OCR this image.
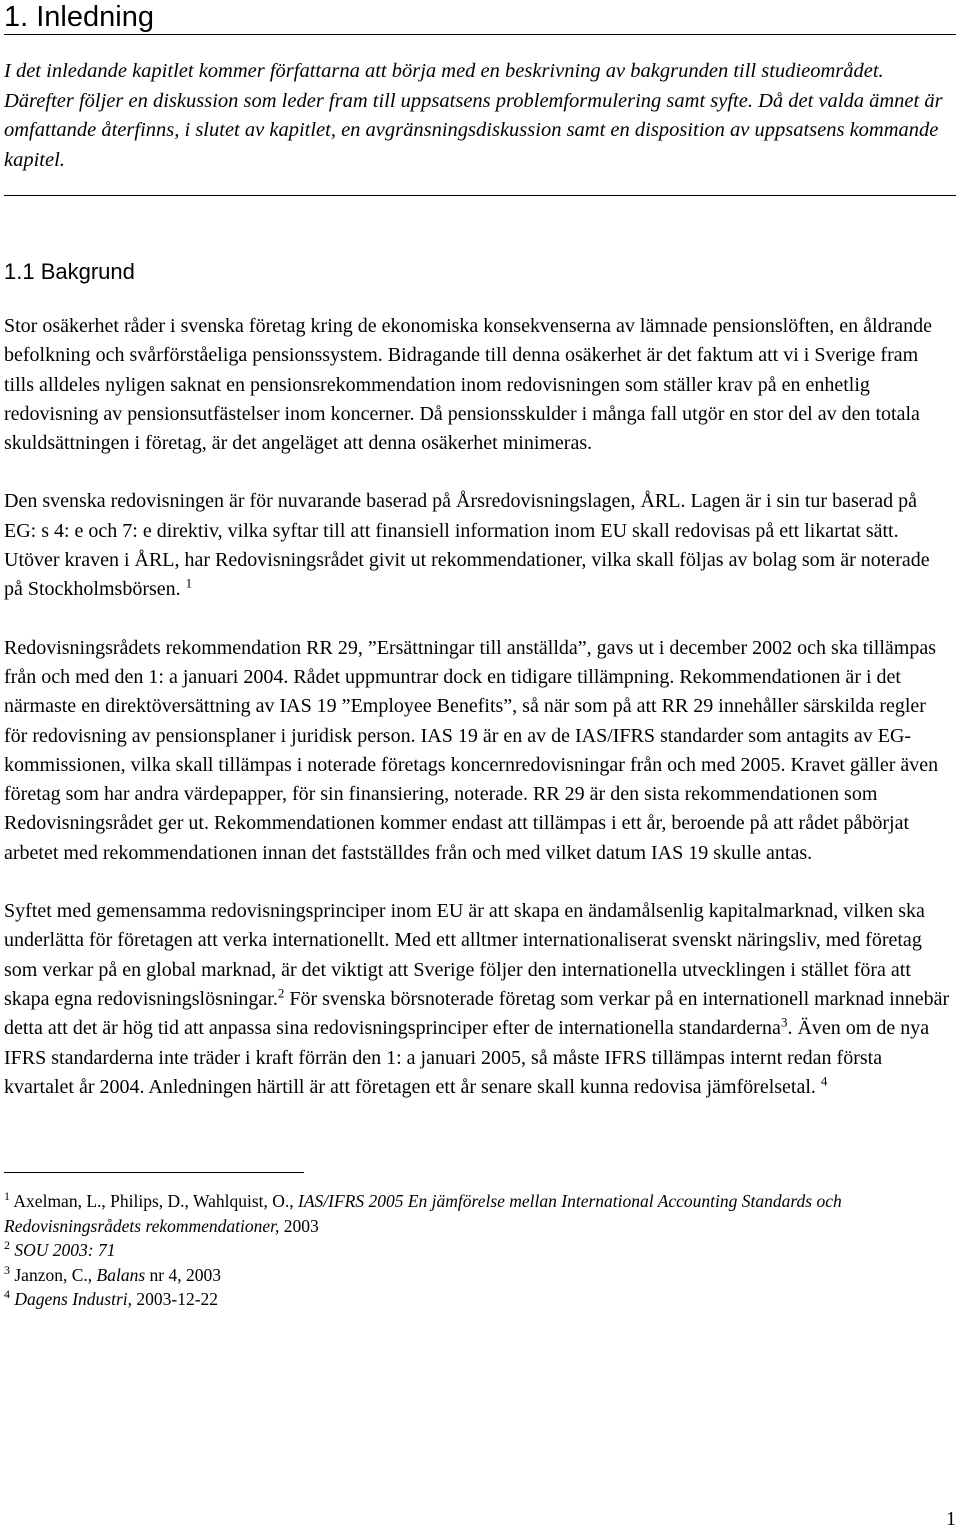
1. Inledning

I det inledande kapitlet kommer författarna att börja med en beskrivning av bakgrunden till studieområdet. Därefter följer en diskussion som leder fram till uppsatsens problemformulering samt syfte. Då det valda ämnet är omfattande återfinns, i slutet av kapitlet, en avgränsningsdiskussion samt en disposition av uppsatsens kommande kapitel.

1.1 Bakgrund

Stor osäkerhet råder i svenska företag kring de ekonomiska konsekvenserna av lämnade pensionslöften, en åldrande befolkning och svårförståeliga pensionssystem. Bidragande till denna osäkerhet är det faktum att vi i Sverige fram tills alldeles nyligen saknat en pensionsrekommendation inom redovisningen som ställer krav på en enhetlig redovisning av pensionsutfästelser inom koncerner. Då pensionsskulder i många fall utgör en stor del av den totala skuldsättningen i företag, är det angeläget att denna osäkerhet minimeras.

Den svenska redovisningen är för nuvarande baserad på Årsredovisningslagen, ÅRL. Lagen är i sin tur baserad på EG: s 4: e och 7: e direktiv, vilka syftar till att finansiell information inom EU skall redovisas på ett likartat sätt. Utöver kraven i ÅRL, har Redovisningsrådet givit ut rekommendationer, vilka skall följas av bolag som är noterade på Stockholmsbörsen. $^1$

Redovisningsrådets rekommendation RR 29, ”Ersättningar till anställda”, gavs ut i december 2002 och ska tillämpas från och med den 1: a januari 2004. Rådet uppmuntrar dock en tidigare tillämpning. Rekommendationen är i det närmaste en direktöversättning av IAS 19 ”Employee Benefits”, så när som på att RR 29 innehåller särskilda regler för redovisning av pensionsplaner i juridisk person. IAS 19 är en av de IAS/IFRS standarder som antagits av EG-kommissionen, vilka skall tillämpas i noterade företags koncernredovisningar från och med 2005. Kravet gäller även företag som har andra värdepapper, för sin finansiering, noterade. RR 29 är den sista rekommendationen som Redovisningsrådet ger ut. Rekommendationen kommer endast att tillämpas i ett år, beroende på att rådet påbörjat arbetet med rekommendationen innan det fastställdes från och med vilket datum IAS 19 skulle antas.

Syftet med gemensamma redovisningsprinciper inom EU är att skapa en ändamålsenlig kapitalmarknad, vilken ska underlätta för företagen att verka internationellt. Med ett alltmer internationaliserat svenskt näringsliv, med företag som verkar på en global marknad, är det viktigt att Sverige följer den internationella utvecklingen i stället föra att skapa egna redovisningslösningar.$^2$ För svenska börsnoterade företag som verkar på en internationell marknad innebär detta att det är hög tid att anpassa sina redovisningsprinciper efter de internationella standarderna$^3$. Även om de nya IFRS standarderna inte träder i kraft förrän den 1: a januari 2005, så måste IFRS tillämpas internt redan första kvartalet år 2004. Anledningen härtill är att företagen ett år senare skall kunna redovisa jämförelsetal. $^4$

$^1$ Axelman, L., Philips, D., Wahlquist, O., IAS/IFRS 2005 En jämförelse mellan International Accounting Standards och Redovisningsrådets rekommendationer, 2003

$^2$ SOU 2003: 71

$^3$ Janzon, C., Balans nr 4, 2003

$^4$ Dagens Industri, 2003-12-22

1
